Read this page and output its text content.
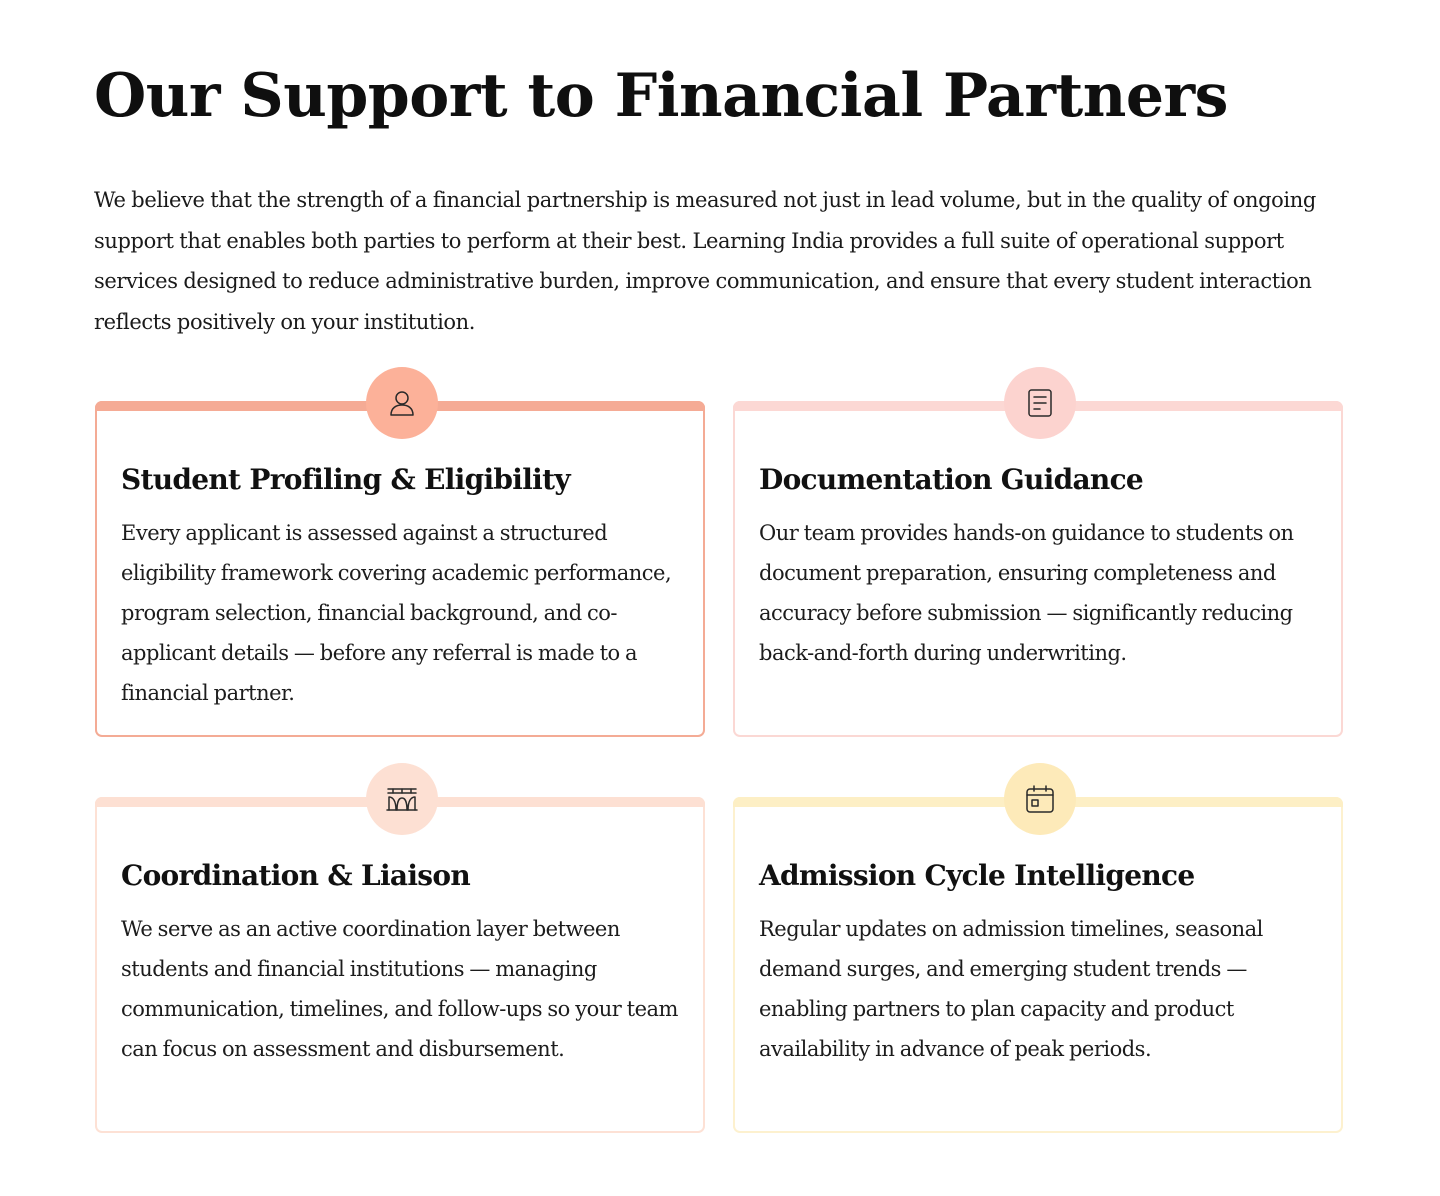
Our Support to Financial Partners

We believe that the strength of a financial partnership is measured not just in lead volume, but in the quality of ongoing support that enables both parties to perform at their best. Learning India provides a full suite of operational support services designed to reduce administrative burden, improve communication, and ensure that every student interaction reflects positively on your institution.

Student Profiling & Eligibility

Every applicant is assessed against a structured eligibility framework covering academic performance, program selection, financial background, and co-applicant details — before any referral is made to a financial partner.

Documentation Guidance

Our team provides hands-on guidance to students on document preparation, ensuring completeness and accuracy before submission — significantly reducing back-and-forth during underwriting.

Coordination & Liaison

We serve as an active coordination layer between students and financial institutions — managing communication, timelines, and follow-ups so your team can focus on assessment and disbursement.

Admission Cycle Intelligence

Regular updates on admission timelines, seasonal demand surges, and emerging student trends — enabling partners to plan capacity and product availability in advance of peak periods.
